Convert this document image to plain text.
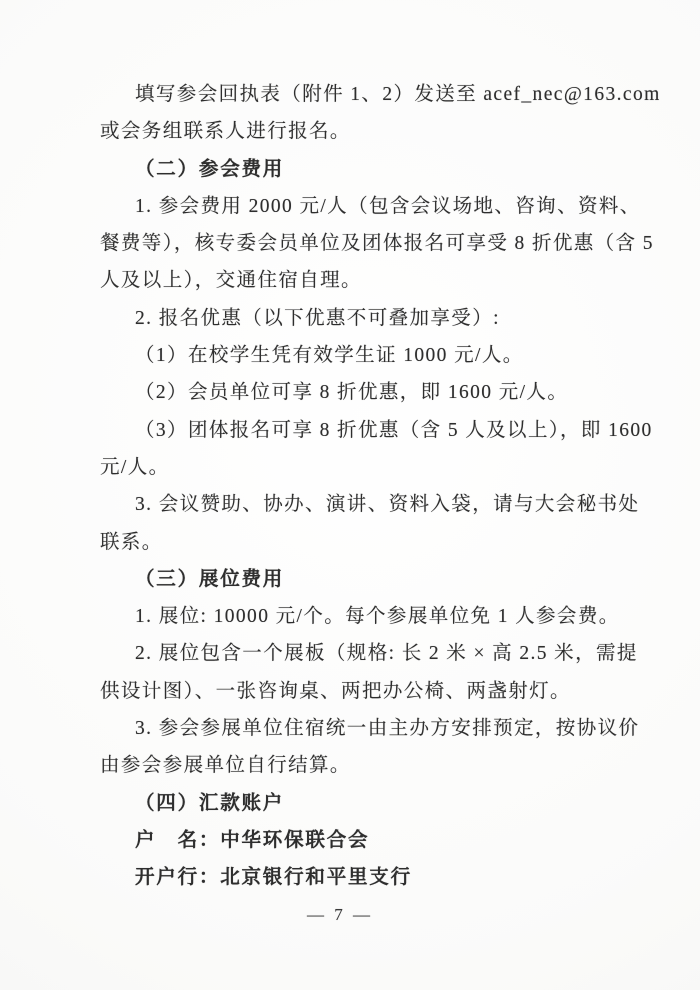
填写参会回执表（附件 1、2）发送至 acef_nec@163.com

或会务组联系人进行报名。

（二）参会费用

1. 参会费用 2000 元/人（包含会议场地、咨询、资料、

餐费等），核专委会员单位及团体报名可享受 8 折优惠（含 5

人及以上），交通住宿自理。

2. 报名优惠（以下优惠不可叠加享受）:

（1）在校学生凭有效学生证 1000 元/人。

（2）会员单位可享 8 折优惠，即 1600 元/人。

（3）团体报名可享 8 折优惠（含 5 人及以上），即 1600

元/人。

3. 会议赞助、协办、演讲、资料入袋，请与大会秘书处

联系。

（三）展位费用

1. 展位: 10000 元/个。每个参展单位免 1 人参会费。

2. 展位包含一个展板（规格: 长 2 米 × 高 2.5 米，需提

供设计图）、一张咨询桌、两把办公椅、两盏射灯。

3. 参会参展单位住宿统一由主办方安排预定，按协议价

由参会参展单位自行结算。

（四）汇款账户

户　名：中华环保联合会

开户行：北京银行和平里支行

— 7 —
